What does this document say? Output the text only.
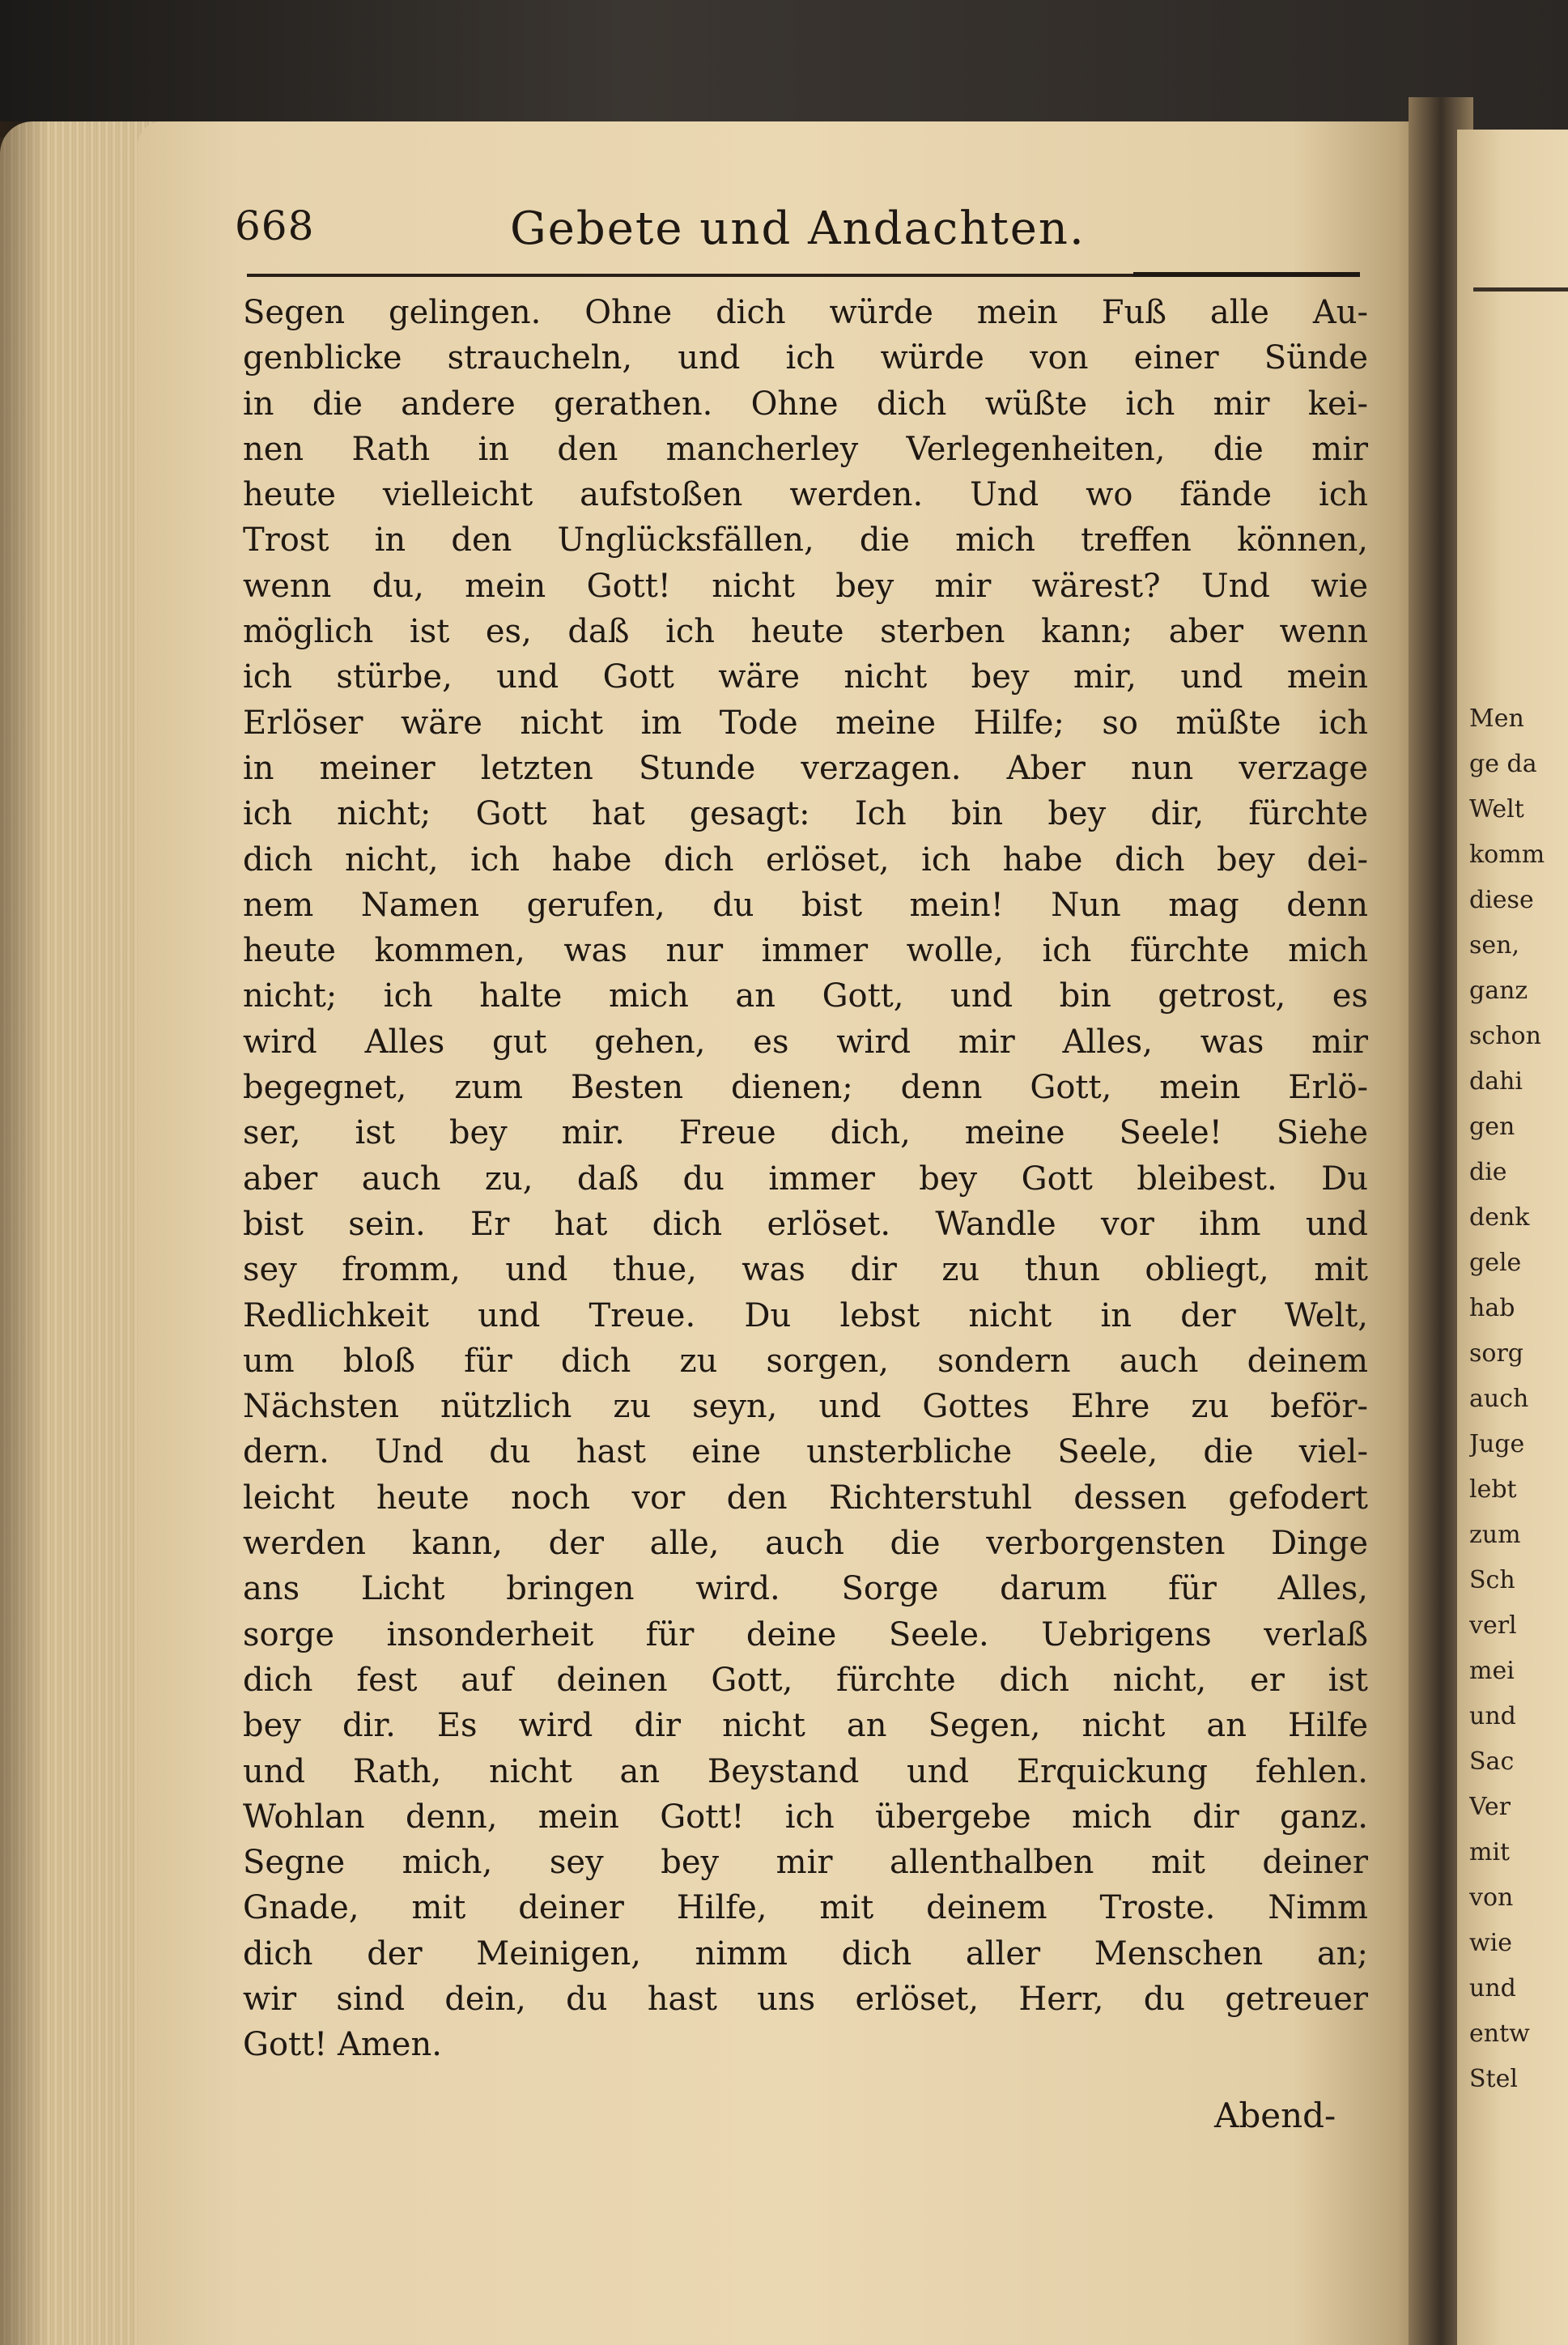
Men
ge da
Welt
komm
diese
sen,
ganz
schon
dahi
gen
die
denk
gele
hab
sorg
auch
Juge
lebt
zum
Sch
verl
mei
und
Sac
Ver
mit
von
wie
und
entw
Stel
668	Gebete und Andachten.
Segen gelingen. Ohne dich würde mein Fuß alle Au-
genblicke straucheln, und ich würde von einer Sünde
in die andere gerathen. Ohne dich wüßte ich mir kei-
nen Rath in den mancherley Verlegenheiten, die mir
heute vielleicht aufstoßen werden. Und wo fände ich
Trost in den Unglücksfällen, die mich treffen können,
wenn du, mein Gott! nicht bey mir wärest? Und wie
möglich ist es, daß ich heute sterben kann; aber wenn
ich stürbe, und Gott wäre nicht bey mir, und mein
Erlöser wäre nicht im Tode meine Hilfe; so müßte ich
in meiner letzten Stunde verzagen. Aber nun verzage
ich nicht; Gott hat gesagt: Ich bin bey dir, fürchte
dich nicht, ich habe dich erlöset, ich habe dich bey dei-
nem Namen gerufen, du bist mein! Nun mag denn
heute kommen, was nur immer wolle, ich fürchte mich
nicht; ich halte mich an Gott, und bin getrost, es
wird Alles gut gehen, es wird mir Alles, was mir
begegnet, zum Besten dienen; denn Gott, mein Erlö-
ser, ist bey mir. Freue dich, meine Seele! Siehe
aber auch zu, daß du immer bey Gott bleibest. Du
bist sein. Er hat dich erlöset. Wandle vor ihm und
sey fromm, und thue, was dir zu thun obliegt, mit
Redlichkeit und Treue. Du lebst nicht in der Welt,
um bloß für dich zu sorgen, sondern auch deinem
Nächsten nützlich zu seyn, und Gottes Ehre zu beför-
dern. Und du hast eine unsterbliche Seele, die viel-
leicht heute noch vor den Richterstuhl dessen gefodert
werden kann, der alle, auch die verborgensten Dinge
ans Licht bringen wird. Sorge darum für Alles,
sorge insonderheit für deine Seele. Uebrigens verlaß
dich fest auf deinen Gott, fürchte dich nicht, er ist
bey dir. Es wird dir nicht an Segen, nicht an Hilfe
und Rath, nicht an Beystand und Erquickung fehlen.
Wohlan denn, mein Gott! ich übergebe mich dir ganz.
Segne mich, sey bey mir allenthalben mit deiner
Gnade, mit deiner Hilfe, mit deinem Troste. Nimm
dich der Meinigen, nimm dich aller Menschen an;
wir sind dein, du hast uns erlöset, Herr, du getreuer
Gott! Amen.
Abend-
